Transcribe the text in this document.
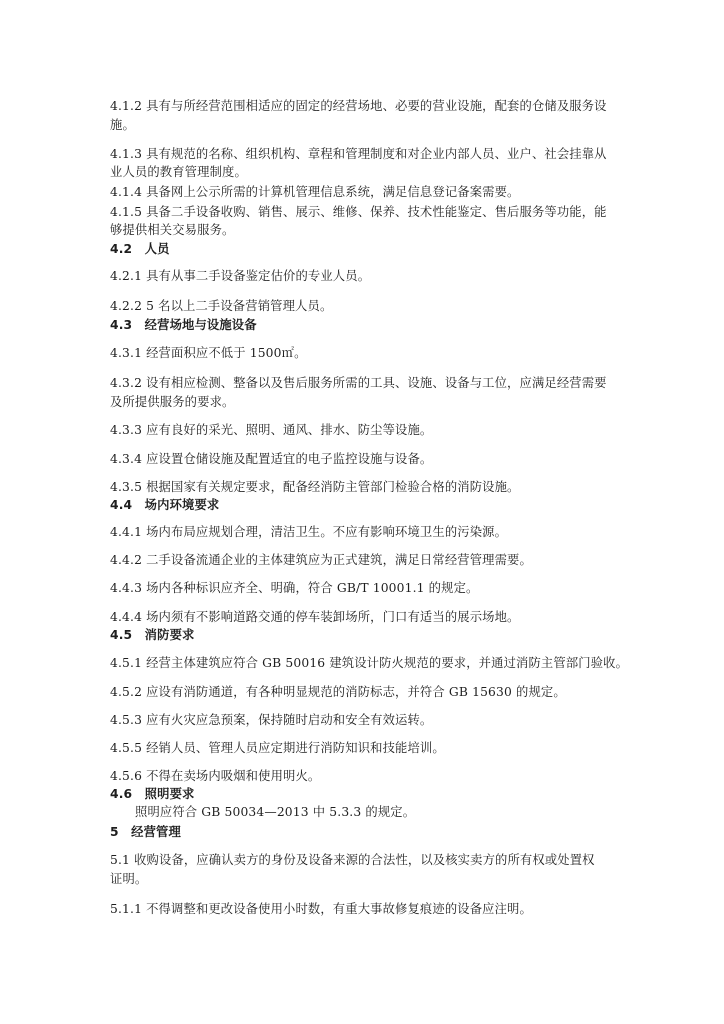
4.1.2 具有与所经营范围相适应的固定的经营场地、必要的营业设施，配套的仓储及服务设
施。
4.1.3 具有规范的名称、组织机构、章程和管理制度和对企业内部人员、业户、社会挂靠从
业人员的教育管理制度。
4.1.4 具备网上公示所需的计算机管理信息系统，满足信息登记备案需要。
4.1.5 具备二手设备收购、销售、展示、维修、保养、技术性能鉴定、售后服务等功能，能
够提供相关交易服务。
4.2　人员
4.2.1 具有从事二手设备鉴定估价的专业人员。
4.2.2 5 名以上二手设备营销管理人员。
4.3　经营场地与设施设备
4.3.1 经营面积应不低于 1500㎡。
4.3.2 设有相应检测、整备以及售后服务所需的工具、设施、设备与工位，应满足经营需要
及所提供服务的要求。
4.3.3 应有良好的采光、照明、通风、排水、防尘等设施。
4.3.4 应设置仓储设施及配置适宜的电子监控设施与设备。
4.3.5 根据国家有关规定要求，配备经消防主管部门检验合格的消防设施。
4.4　场内环境要求
4.4.1 场内布局应规划合理，清洁卫生。不应有影响环境卫生的污染源。
4.4.2 二手设备流通企业的主体建筑应为正式建筑，满足日常经营管理需要。
4.4.3 场内各种标识应齐全、明确，符合 GB/T 10001.1 的规定。
4.4.4 场内须有不影响道路交通的停车装卸场所，门口有适当的展示场地。
4.5　消防要求
4.5.1 经营主体建筑应符合 GB 50016 建筑设计防火规范的要求，并通过消防主管部门验收。
4.5.2 应设有消防通道，有各种明显规范的消防标志，并符合 GB 15630 的规定。
4.5.3 应有火灾应急预案，保持随时启动和安全有效运转。
4.5.5 经销人员、管理人员应定期进行消防知识和技能培训。
4.5.6 不得在卖场内吸烟和使用明火。
4.6　照明要求
照明应符合 GB 50034—2013 中 5.3.3 的规定。
5　经营管理
5.1 收购设备，应确认卖方的身份及设备来源的合法性，以及核实卖方的所有权或处置权
证明。
5.1.1 不得调整和更改设备使用小时数，有重大事故修复痕迹的设备应注明。
